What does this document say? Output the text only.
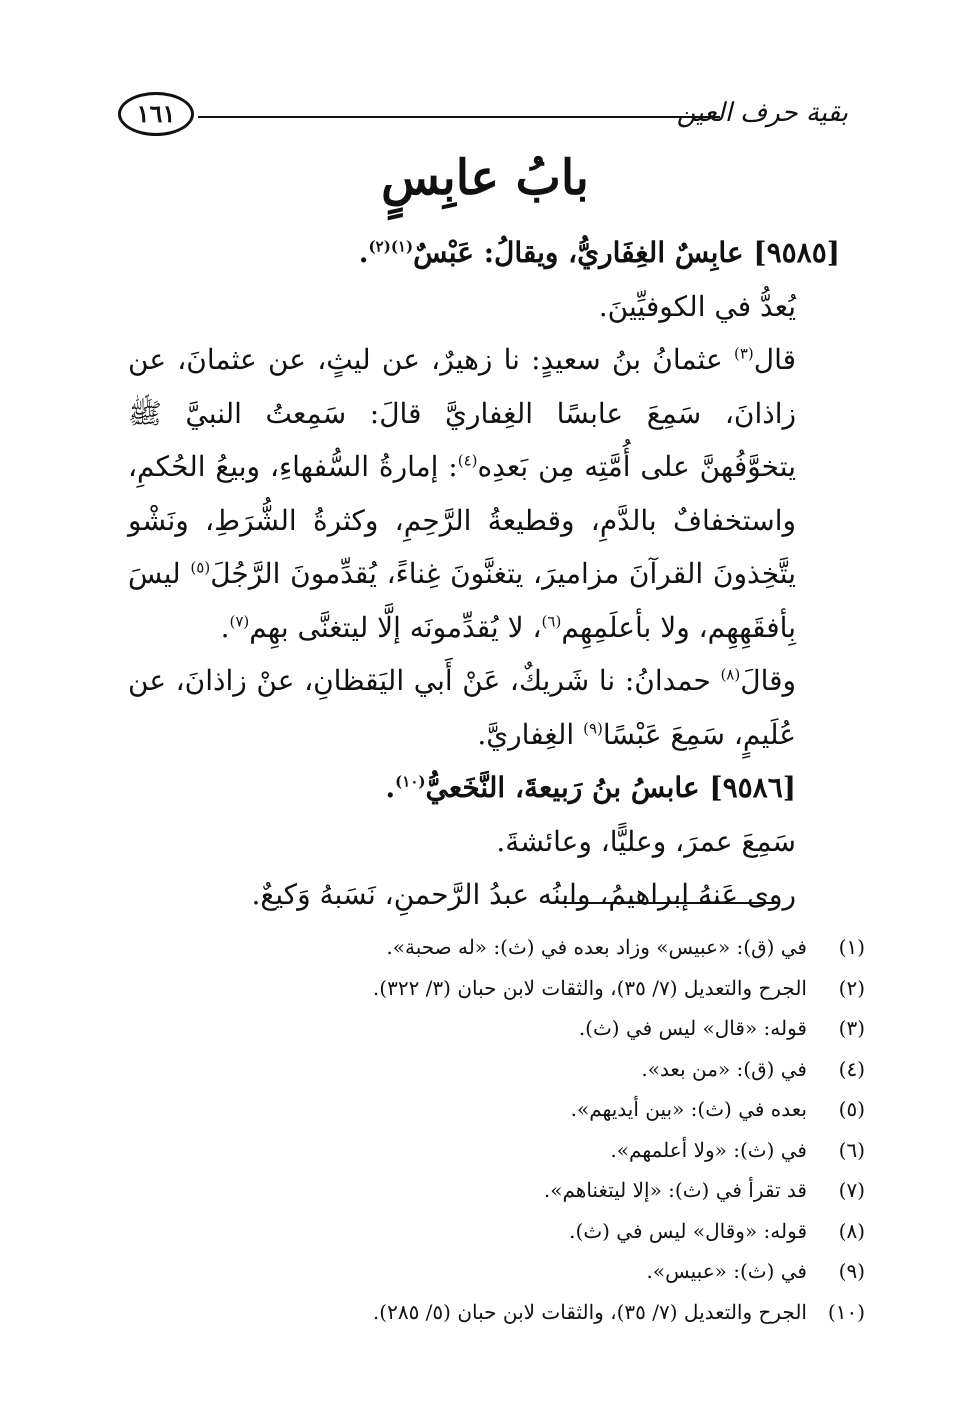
بقية حرف العين
١٦١
بابُ عابِسٍ

[٩٥٨٥] عابِسٌ الغِفَاريُّ، ويقالُ: عَبْسٌ$^{(١)(٢)}$.

يُعدُّ في الكوفيِّينَ.

قال$^{(٣)}$ عثمانُ بنُ سعيدٍ: نا زهيرٌ، عن ليثٍ، عن عثمانَ، عن زاذانَ، سَمِعَ عابسًا الغِفاريَّ قالَ: سَمِعتُ النبيَّ ﷺ يتخوَّفُهنَّ على أُمَّتِه مِن بَعدِه$^{(٤)}$: إمارةُ السُّفهاءِ، وبيعُ الحُكمِ، واستخفافٌ بالدَّمِ، وقطيعةُ الرَّحِمِ، وكثرةُ الشُّرَطِ، ونَشْو يتَّخِذونَ القرآنَ مزاميرَ، يتغنَّونَ غِناءً، يُقدِّمونَ الرَّجُلَ$^{(٥)}$ ليسَ بِأفقَهِهِم، ولا بأعلَمِهِم$^{(٦)}$، لا يُقدِّمونَه إلَّا ليتغنَّى بهِم$^{(٧)}$.

وقالَ$^{(٨)}$ حمدانُ: نا شَريكٌ، عَنْ أَبي اليَقظانِ، عنْ زاذانَ، عن عُلَيمٍ، سَمِعَ عَبْسًا$^{(٩)}$ الغِفاريَّ.

[٩٥٨٦] عابسُ بنُ رَبيعةَ، النَّخَعيُّ$^{(١٠)}$.

سَمِعَ عمرَ، وعليًّا، وعائشةَ.

روى عَنهُ إبراهيمُ، وابنُه عبدُ الرَّحمنِ، نَسَبهُ وَكيعٌ.

(١)
في (ق): «عبيس» وزاد بعده في (ث): «له صحبة».
(٢)
الجرح والتعديل (٧/ ٣٥)، والثقات لابن حبان (٣/ ٣٢٢).
(٣)
قوله: «قال» ليس في (ث).
(٤)
في (ق): «من بعد».
(٥)
بعده في (ث): «بين أيديهم».
(٦)
في (ث): «ولا أعلمهم».
(٧)
قد تقرأ في (ث): «إلا ليتغناهم».
(٨)
قوله: «وقال» ليس في (ث).
(٩)
في (ث): «عبيس».
(١٠)
الجرح والتعديل (٧/ ٣٥)، والثقات لابن حبان (٥/ ٢٨٥).
